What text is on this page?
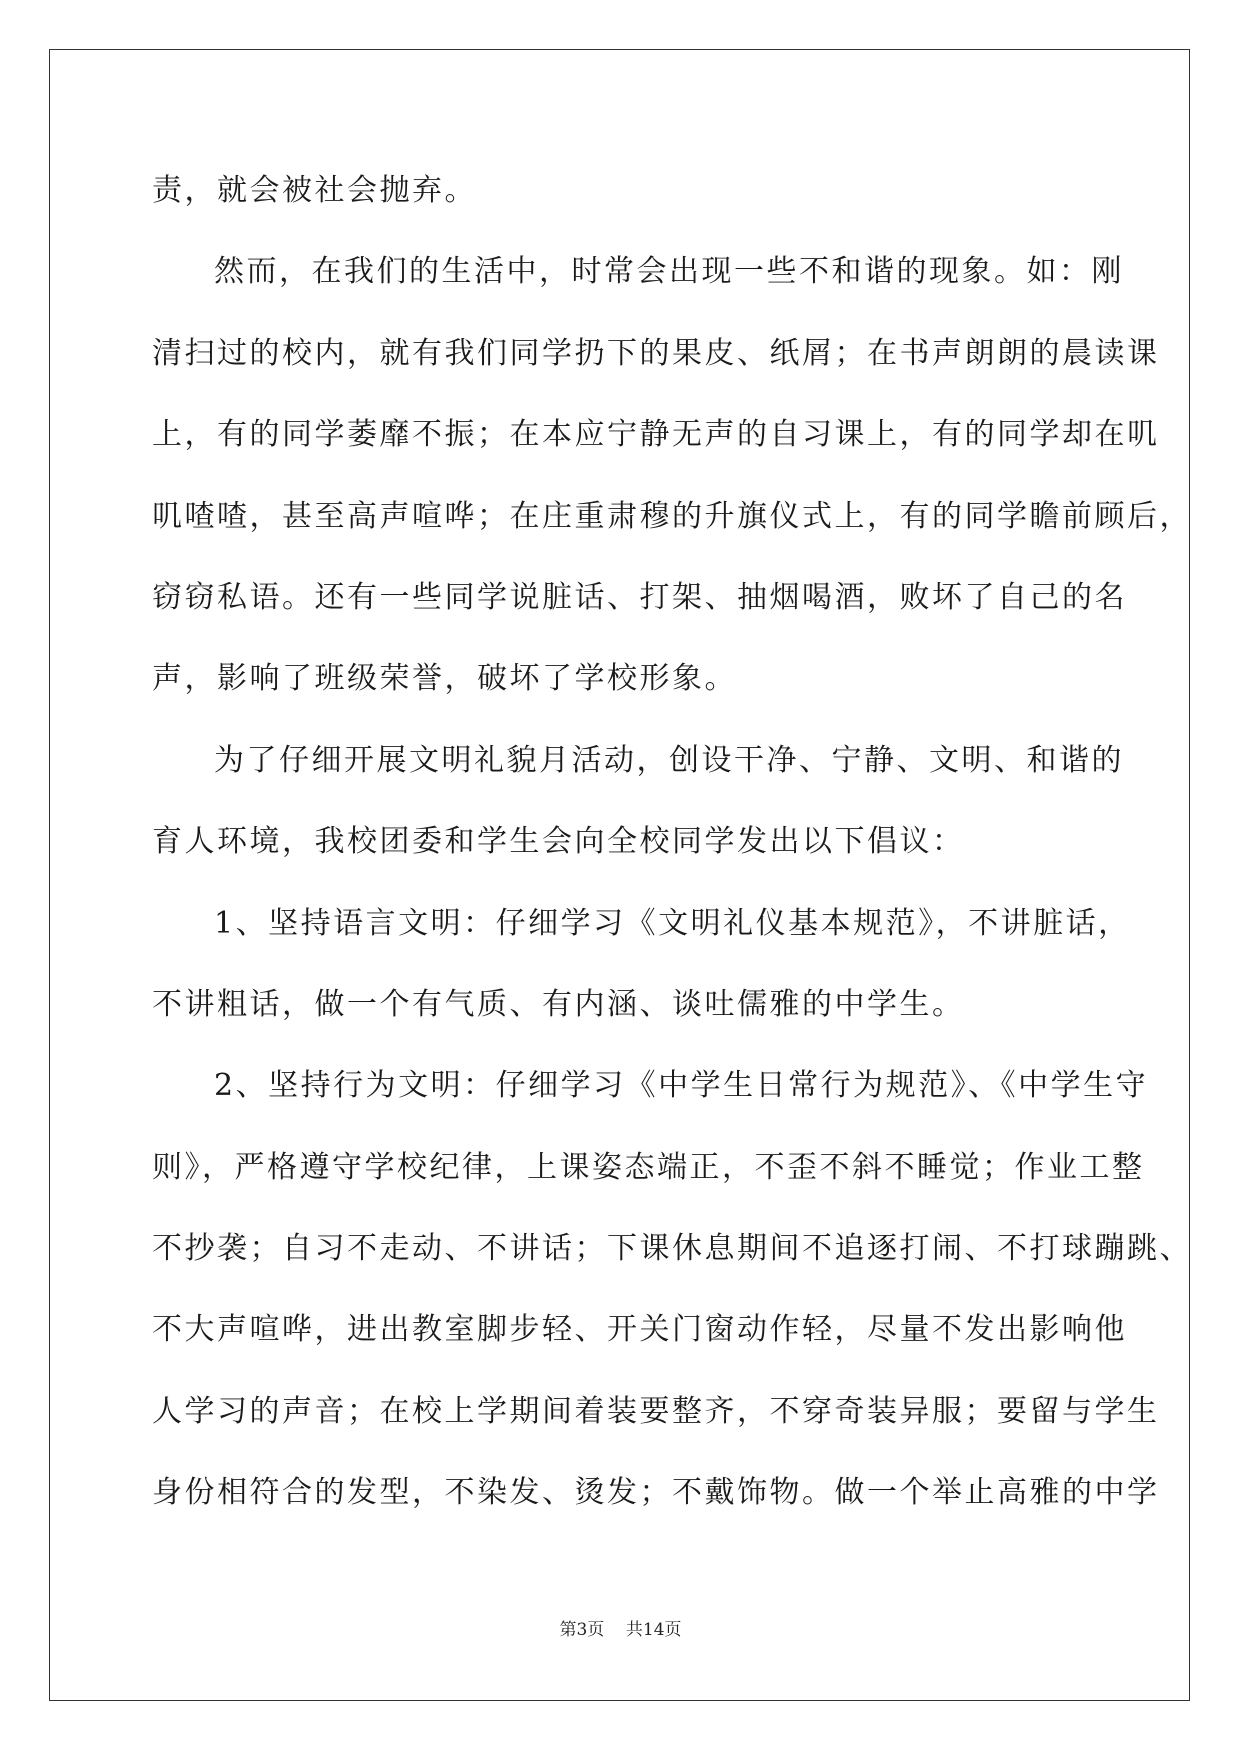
责，就会被社会抛弃。
然而，在我们的生活中，时常会出现一些不和谐的现象。如：刚
清扫过的校内，就有我们同学扔下的果皮、纸屑；在书声朗朗的晨读课
上，有的同学萎靡不振；在本应宁静无声的自习课上，有的同学却在叽
叽喳喳，甚至高声喧哗；在庄重肃穆的升旗仪式上，有的同学瞻前顾后，
窃窃私语。还有一些同学说脏话、打架、抽烟喝酒，败坏了自己的名
声，影响了班级荣誉，破坏了学校形象。
为了仔细开展文明礼貌月活动，创设干净、宁静、文明、和谐的
育人环境，我校团委和学生会向全校同学发出以下倡议：
1、坚持语言文明：仔细学习《文明礼仪基本规范》，不讲脏话，
不讲粗话，做一个有气质、有内涵、谈吐儒雅的中学生。
2、坚持行为文明：仔细学习《中学生日常行为规范》、《中学生守
则》，严格遵守学校纪律，上课姿态端正，不歪不斜不睡觉；作业工整
不抄袭；自习不走动、不讲话；下课休息期间不追逐打闹、不打球蹦跳、
不大声喧哗，进出教室脚步轻、开关门窗动作轻，尽量不发出影响他
人学习的声音；在校上学期间着装要整齐，不穿奇装异服；要留与学生
身份相符合的发型，不染发、烫发；不戴饰物。做一个举止高雅的中学
第3页 共14页
